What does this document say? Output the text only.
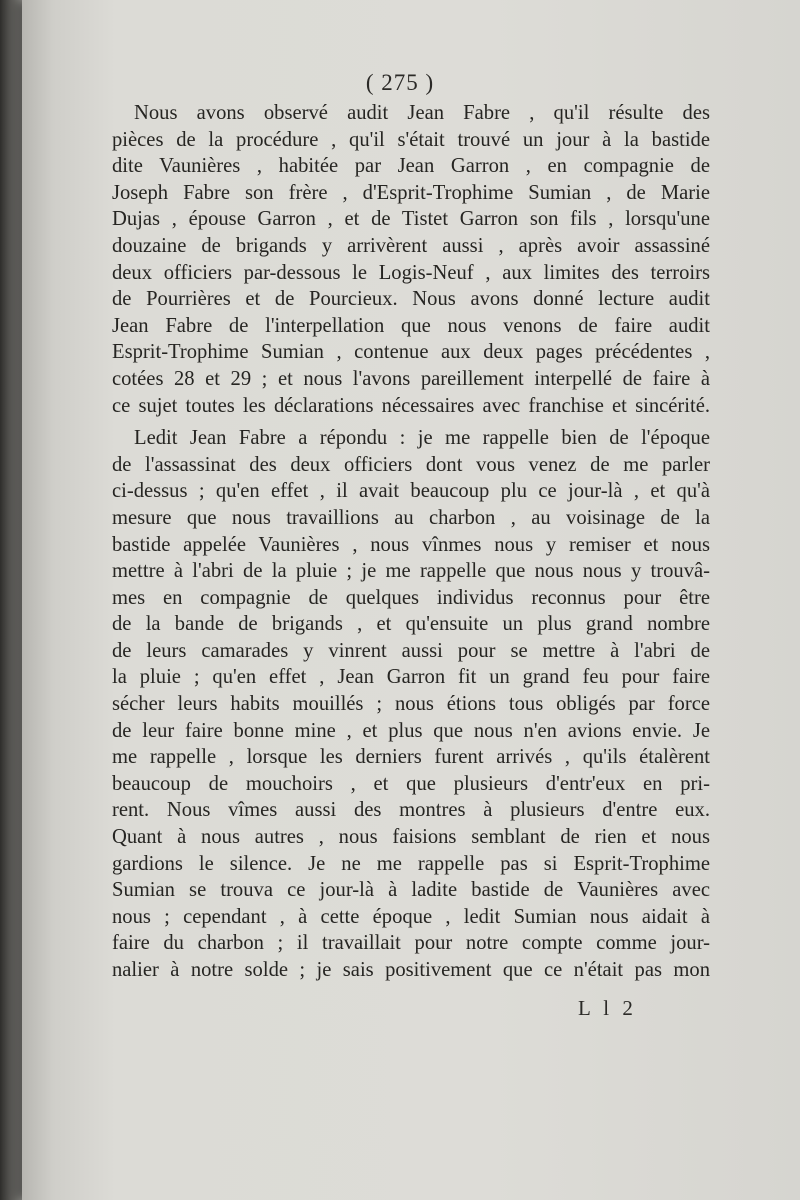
( 275 )
Nous avons observé audit Jean Fabre , qu'il résulte des
pièces de la procédure , qu'il s'était trouvé un jour à la bastide
dite Vaunières , habitée par Jean Garron , en compagnie de
Joseph Fabre son frère , d'Esprit-Trophime Sumian , de Marie
Dujas , épouse Garron , et de Tistet Garron son fils , lorsqu'une
douzaine de brigands y arrivèrent aussi , après avoir assassiné
deux officiers par-dessous le Logis-Neuf , aux limites des terroirs
de Pourrières et de Pourcieux. Nous avons donné lecture audit
Jean Fabre de l'interpellation que nous venons de faire audit
Esprit-Trophime Sumian , contenue aux deux pages précédentes ,
cotées 28 et 29 ; et nous l'avons pareillement interpellé de faire à
ce sujet toutes les déclarations nécessaires avec franchise et sincérité.
Ledit Jean Fabre a répondu : je me rappelle bien de l'époque
de l'assassinat des deux officiers dont vous venez de me parler
ci-dessus ; qu'en effet , il avait beaucoup plu ce jour-là , et qu'à
mesure que nous travaillions au charbon , au voisinage de la
bastide appelée Vaunières , nous vînmes nous y remiser et nous
mettre à l'abri de la pluie ; je me rappelle que nous nous y trouvâ-
mes en compagnie de quelques individus reconnus pour être
de la bande de brigands , et qu'ensuite un plus grand nombre
de leurs camarades y vinrent aussi pour se mettre à l'abri de
la pluie ; qu'en effet , Jean Garron fit un grand feu pour faire
sécher leurs habits mouillés ; nous étions tous obligés par force
de leur faire bonne mine , et plus que nous n'en avions envie. Je
me rappelle , lorsque les derniers furent arrivés , qu'ils étalèrent
beaucoup de mouchoirs , et que plusieurs d'entr'eux en pri-
rent. Nous vîmes aussi des montres à plusieurs d'entre eux.
Quant à nous autres , nous faisions semblant de rien et nous
gardions le silence. Je ne me rappelle pas si Esprit-Trophime
Sumian se trouva ce jour-là à ladite bastide de Vaunières avec
nous ; cependant , à cette époque , ledit Sumian nous aidait à
faire du charbon ; il travaillait pour notre compte comme jour-
nalier à notre solde ; je sais positivement que ce n'était pas mon
L l 2
